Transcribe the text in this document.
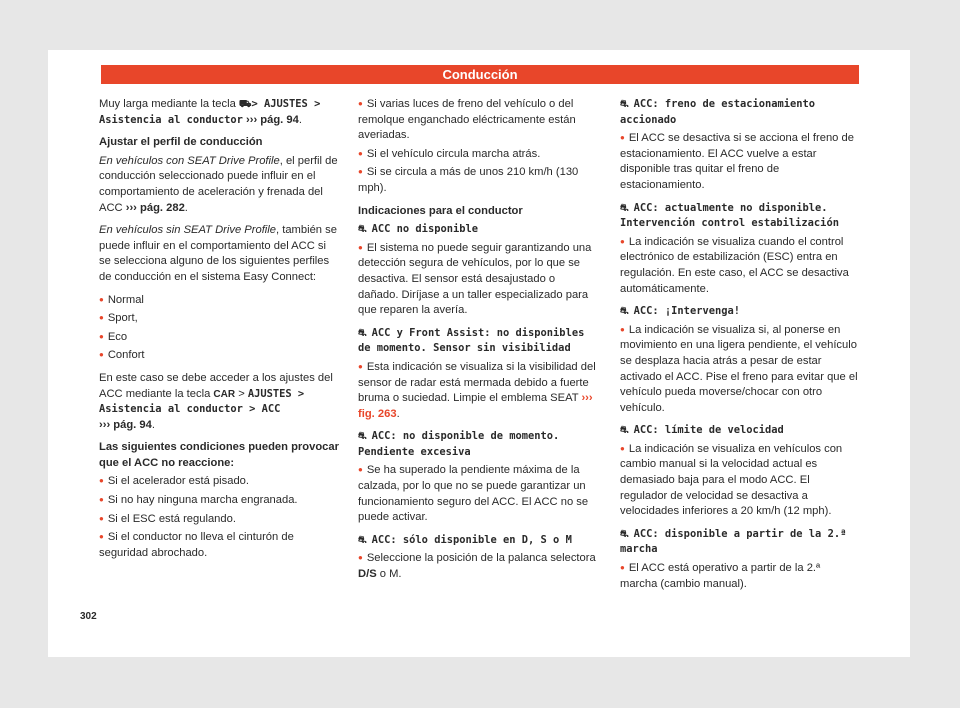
Conducción

Muy larga mediante la tecla ⛟> AJUSTES > Asistencia al conductor ››› pág. 94.

Ajustar el perfil de conducción

En vehículos con SEAT Drive Profile, el perfil de conducción seleccionado puede influir en el comportamiento de aceleración y frenada del ACC ››› pág. 282.

En vehículos sin SEAT Drive Profile, también se puede influir en el comportamiento del ACC si se selecciona alguno de los siguientes perfiles de conducción en el sistema Easy Connect:

● Normal
● Sport,
● Eco
● Confort

En este caso se debe acceder a los ajustes del ACC mediante la tecla CAR > AJUSTES > Asistencia al conductor > ACC
››› pág. 94.

Las siguientes condiciones pueden provocar que el ACC no reaccione:

● Si el acelerador está pisado.
● Si no hay ninguna marcha engranada.
● Si el ESC está regulando.
● Si el conductor no lleva el cinturón de seguridad abrochado.
● Si varias luces de freno del vehículo o del remolque enganchado eléctricamente están averiadas.
● Si el vehículo circula marcha atrás.
● Si se circula a más de unos 210 km/h (130 mph).

Indicaciones para el conductor

⛐ ACC no disponible

● El sistema no puede seguir garantizando una detección segura de vehículos, por lo que se desactiva. El sensor está desajustado o dañado. Diríjase a un taller especializado para que reparen la avería.

⛐ ACC y Front Assist: no disponibles de momento. Sensor sin visibilidad

● Esta indicación se visualiza si la visibilidad del sensor de radar está mermada debido a fuerte bruma o suciedad. Limpie el emblema SEAT ››› fig. 263.

⛐ ACC: no disponible de momento. Pendiente excesiva

● Se ha superado la pendiente máxima de la calzada, por lo que no se puede garantizar un funcionamiento seguro del ACC. El ACC no se puede activar.

⛐ ACC: sólo disponible en D, S o M

● Seleccione la posición de la palanca selectora D/S o M.

⛐ ACC: freno de estacionamiento accionado

● El ACC se desactiva si se acciona el freno de estacionamiento. El ACC vuelve a estar disponible tras quitar el freno de estacionamiento.

⛐ ACC: actualmente no disponible. Intervención control estabilización

● La indicación se visualiza cuando el control electrónico de estabilización (ESC) entra en regulación. En este caso, el ACC se desactiva automáticamente.

⛐ ACC: ¡Intervenga!

● La indicación se visualiza si, al ponerse en movimiento en una ligera pendiente, el vehículo se desplaza hacia atrás a pesar de estar activado el ACC. Pise el freno para evitar que el vehículo pueda moverse/chocar con otro vehículo.

⛐ ACC: límite de velocidad

● La indicación se visualiza en vehículos con cambio manual si la velocidad actual es demasiado baja para el modo ACC. El regulador de velocidad se desactiva a velocidades inferiores a 20 km/h (12 mph).

⛐ ACC: disponible a partir de la 2.ª marcha

● El ACC está operativo a partir de la 2.ª marcha (cambio manual).

302
